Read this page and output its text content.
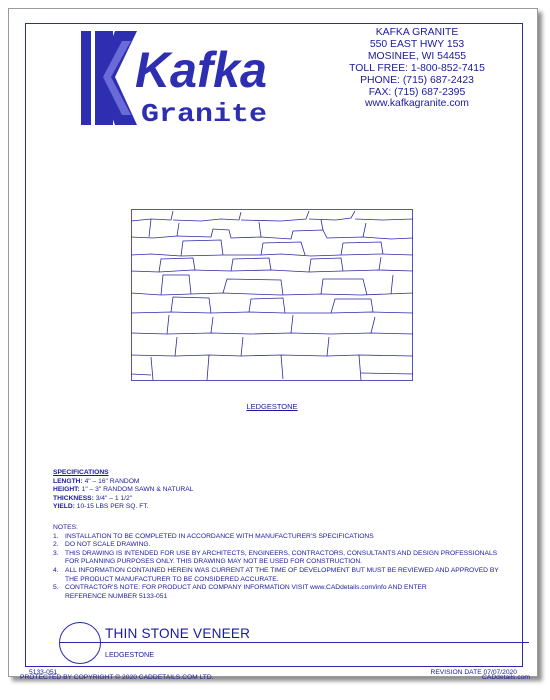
Kafka
Granite
KAFKA GRANITE
550 EAST HWY 153
MOSINEE, WI 54455
TOLL FREE: 1-800-852-7415
PHONE: (715) 687-2423
FAX: (715) 687-2395
www.kafkagranite.com
LEDGESTONE
SPECIFICATIONS
LENGTH: 4" – 16" RANDOM
HEIGHT: 1" – 3" RANDOM SAWN & NATURAL
THICKNESS: 3/4" – 1 1/2"
YIELD: 10-15 LBS PER SQ. FT.
NOTES:
1. INSTALLATION TO BE COMPLETED IN ACCORDANCE WITH MANUFACTURER'S SPECIFICATIONS
2. DO NOT SCALE DRAWING.
3. THIS DRAWING IS INTENDED FOR USE BY ARCHITECTS, ENGINEERS, CONTRACTORS, CONSULTANTS AND DESIGN PROFESSIONALS FOR PLANNING PURPOSES ONLY. THIS DRAWING MAY NOT BE USED FOR CONSTRUCTION.
4. ALL INFORMATION CONTAINED HEREIN WAS CURRENT AT THE TIME OF DEVELOPMENT BUT MUST BE REVIEWED AND APPROVED BY THE PRODUCT MANUFACTURER TO BE CONSIDERED ACCURATE.
5. CONTRACTOR'S NOTE: FOR PRODUCT AND COMPANY INFORMATION VISIT www.CADdetails.com/info AND ENTER
REFERENCE NUMBER 5133-051
THIN STONE VENEER
LEDGESTONE
5133-051	REVISION DATE 07/07/2020
PROTECTED BY COPYRIGHT © 2020 CADDETAILS.COM LTD.	CADdetails.com
